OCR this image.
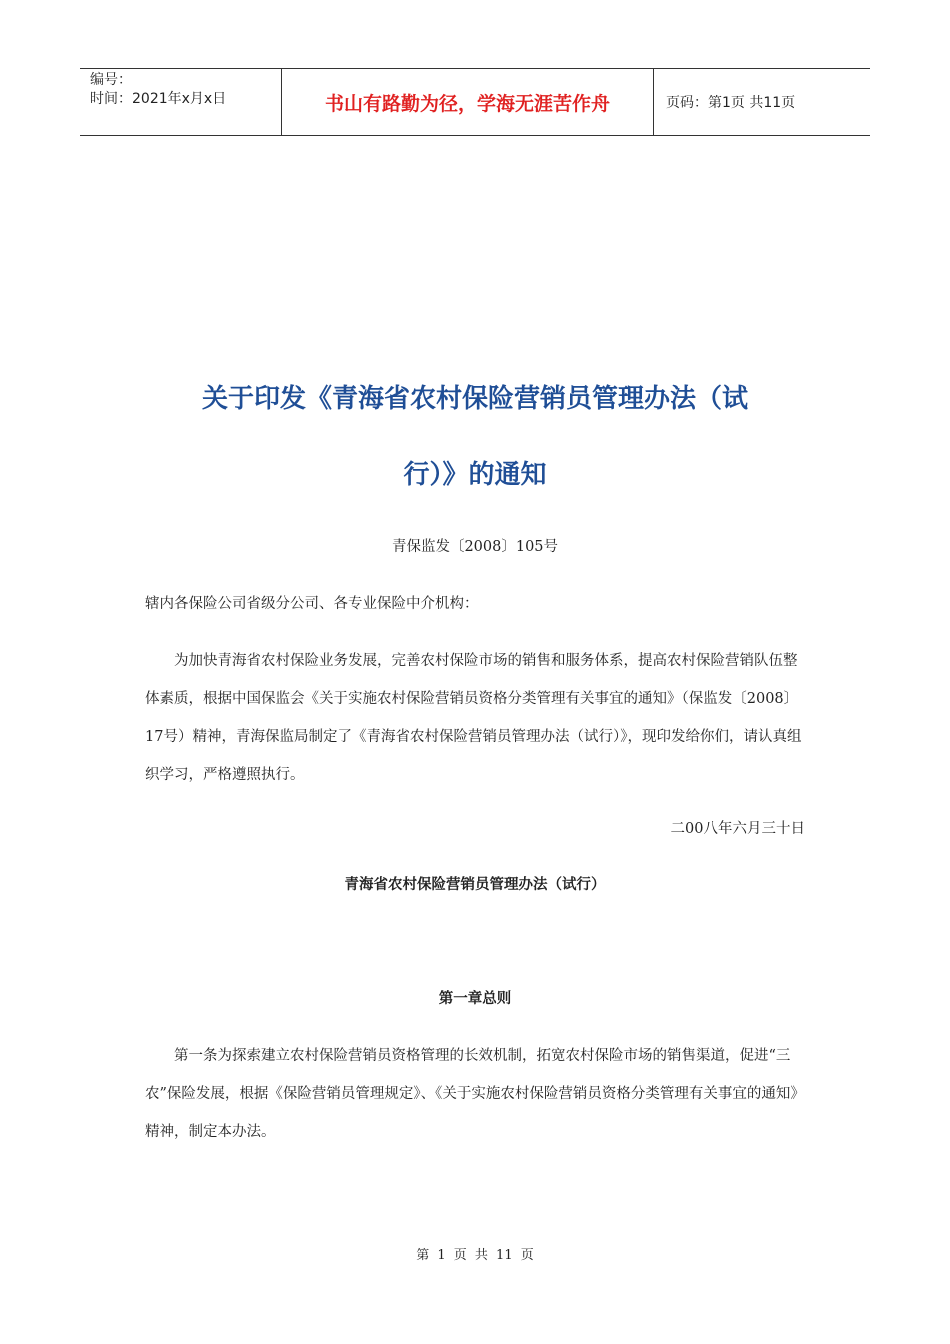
编号：
时间：2021年x月x日	书山有路勤为径，学海无涯苦作舟	页码：第1页 共11页
关于印发《青海省农村保险营销员管理办法（试
行）》的通知
青保监发〔2008〕105号
辖内各保险公司省级分公司、各专业保险中介机构：
为加快青海省农村保险业务发展，完善农村保险市场的销售和服务体系，提高农村保险营销队伍整体素质，根据中国保监会《关于实施农村保险营销员资格分类管理有关事宜的通知》（保监发〔2008〕17号）精神，青海保监局制定了《青海省农村保险营销员管理办法（试行）》，现印发给你们，请认真组织学习，严格遵照执行。
二00八年六月三十日
青海省农村保险营销员管理办法（试行）
第一章总则
第一条为探索建立农村保险营销员资格管理的长效机制，拓宽农村保险市场的销售渠道，促进“三农”保险发展，根据《保险营销员管理规定》、《关于实施农村保险营销员资格分类管理有关事宜的通知》精神，制定本办法。
第 1 页 共 11 页
